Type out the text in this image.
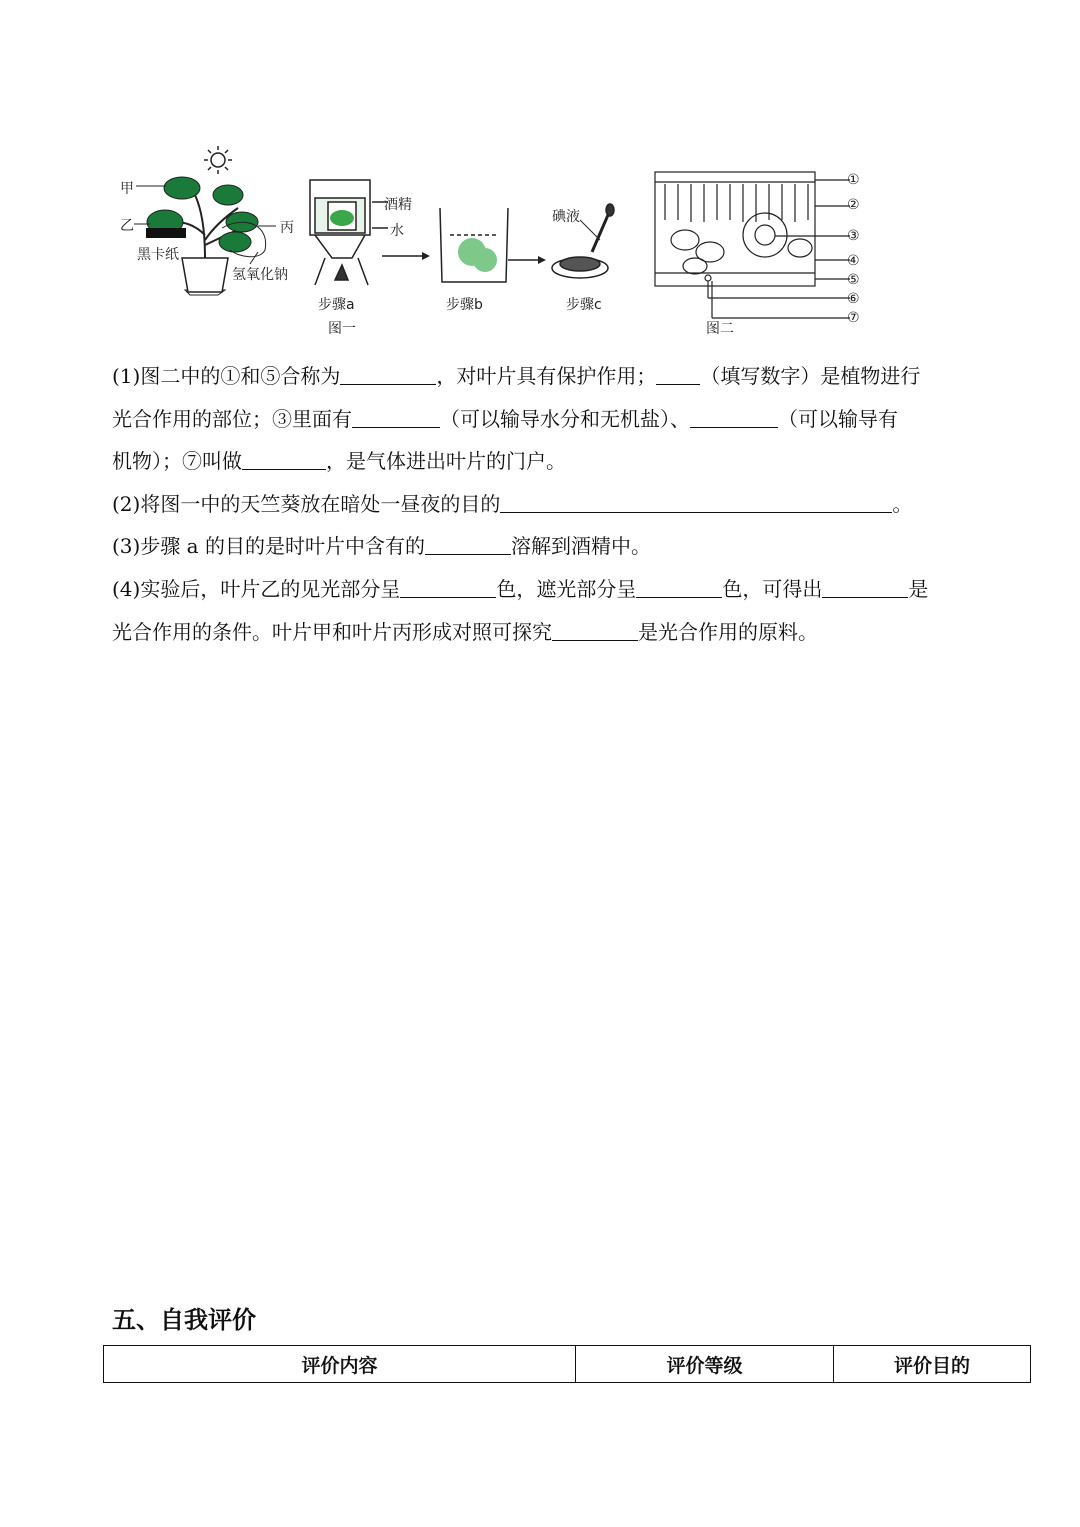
甲
乙	丙
黑卡纸
氢氧化钠
酒精
水
碘液
步骤a	步骤b	步骤c
图一	图二
①
②
③
④
⑤
⑥
⑦
(1)图二中的①和⑤合称为	，对叶片具有保护作用； （填写数字）是植物进行
光合作用的部位；③里面有	（可以输导水分和无机盐）、	（可以输导有
机物）；⑦叫做	，是气体进出叶片的门户。
(2)将图一中的天竺葵放在暗处一昼夜的目的	。
(3)步骤 a 的目的是时叶片中含有的	溶解到酒精中。
(4)实验后，叶片乙的见光部分呈	色，遮光部分呈	色，可得出	是
光合作用的条件。叶片甲和叶片丙形成对照可探究	是光合作用的原料。
五、自我评价
评价内容	评价等级	评价目的
